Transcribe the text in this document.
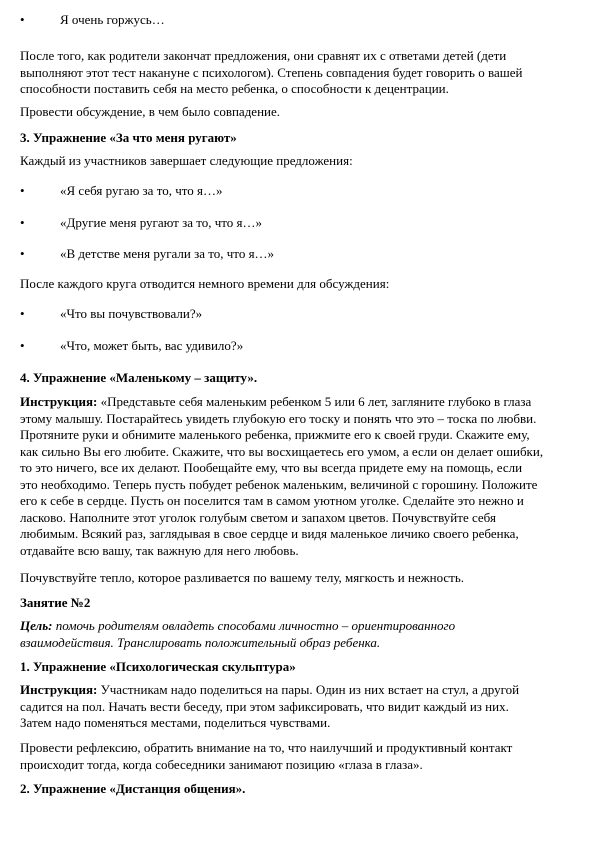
•	Я очень горжусь…

После того, как родители закончат предложения, они сравнят их с ответами детей (дети
выполняют этот тест накануне с психологом). Степень совпадения будет говорить о вашей
способности поставить себя на место ребенка, о способности к децентрации.

Провести обсуждение, в чем было совпадение.

3. Упражнение «За что меня ругают»

Каждый из участников завершает следующие предложения:

•	«Я себя ругаю за то, что я…»
•	«Другие меня ругают за то, что я…»
•	«В детстве меня ругали за то, что я…»

После каждого круга отводится немного времени для обсуждения:

•	«Что вы почувствовали?»
•	«Что, может быть, вас удивило?»

4. Упражнение «Маленькому – защиту».

Инструкция: «Представьте себя маленьким ребенком 5 или 6 лет, загляните глубоко в глаза
этому малышу. Постарайтесь увидеть глубокую его тоску и понять что это – тоска по любви.
Протяните руки и обнимите маленького ребенка, прижмите его к своей груди. Скажите ему,
как сильно Вы его любите. Скажите, что вы восхищаетесь его умом, а если он делает ошибки,
то это ничего, все их делают. Пообещайте ему, что вы всегда придете ему на помощь, если
это необходимо. Теперь пусть побудет ребенок маленьким, величиной с горошину. Положите
его к себе в сердце. Пусть он поселится там в самом уютном уголке. Сделайте это нежно и
ласково. Наполните этот уголок голубым светом и запахом цветов. Почувствуйте себя
любимым. Всякий раз, заглядывая в свое сердце и видя маленькое личико своего ребенка,
отдавайте всю вашу, так важную для него любовь.

Почувствуйте тепло, которое разливается по вашему телу, мягкость и нежность.

Занятие №2

Цель: помочь родителям овладеть способами личностно – ориентированного
взаимодействия. Транслировать положительный образ ребенка.

1. Упражнение «Психологическая скульптура»

Инструкция: Участникам надо поделиться на пары. Один из них встает на стул, а другой
садится на пол. Начать вести беседу, при этом зафиксировать, что видит каждый из них.
Затем надо поменяться местами, поделиться чувствами.

Провести рефлексию, обратить внимание на то, что наилучший и продуктивный контакт
происходит тогда, когда собеседники занимают позицию «глаза в глаза».

2. Упражнение «Дистанция общения».
